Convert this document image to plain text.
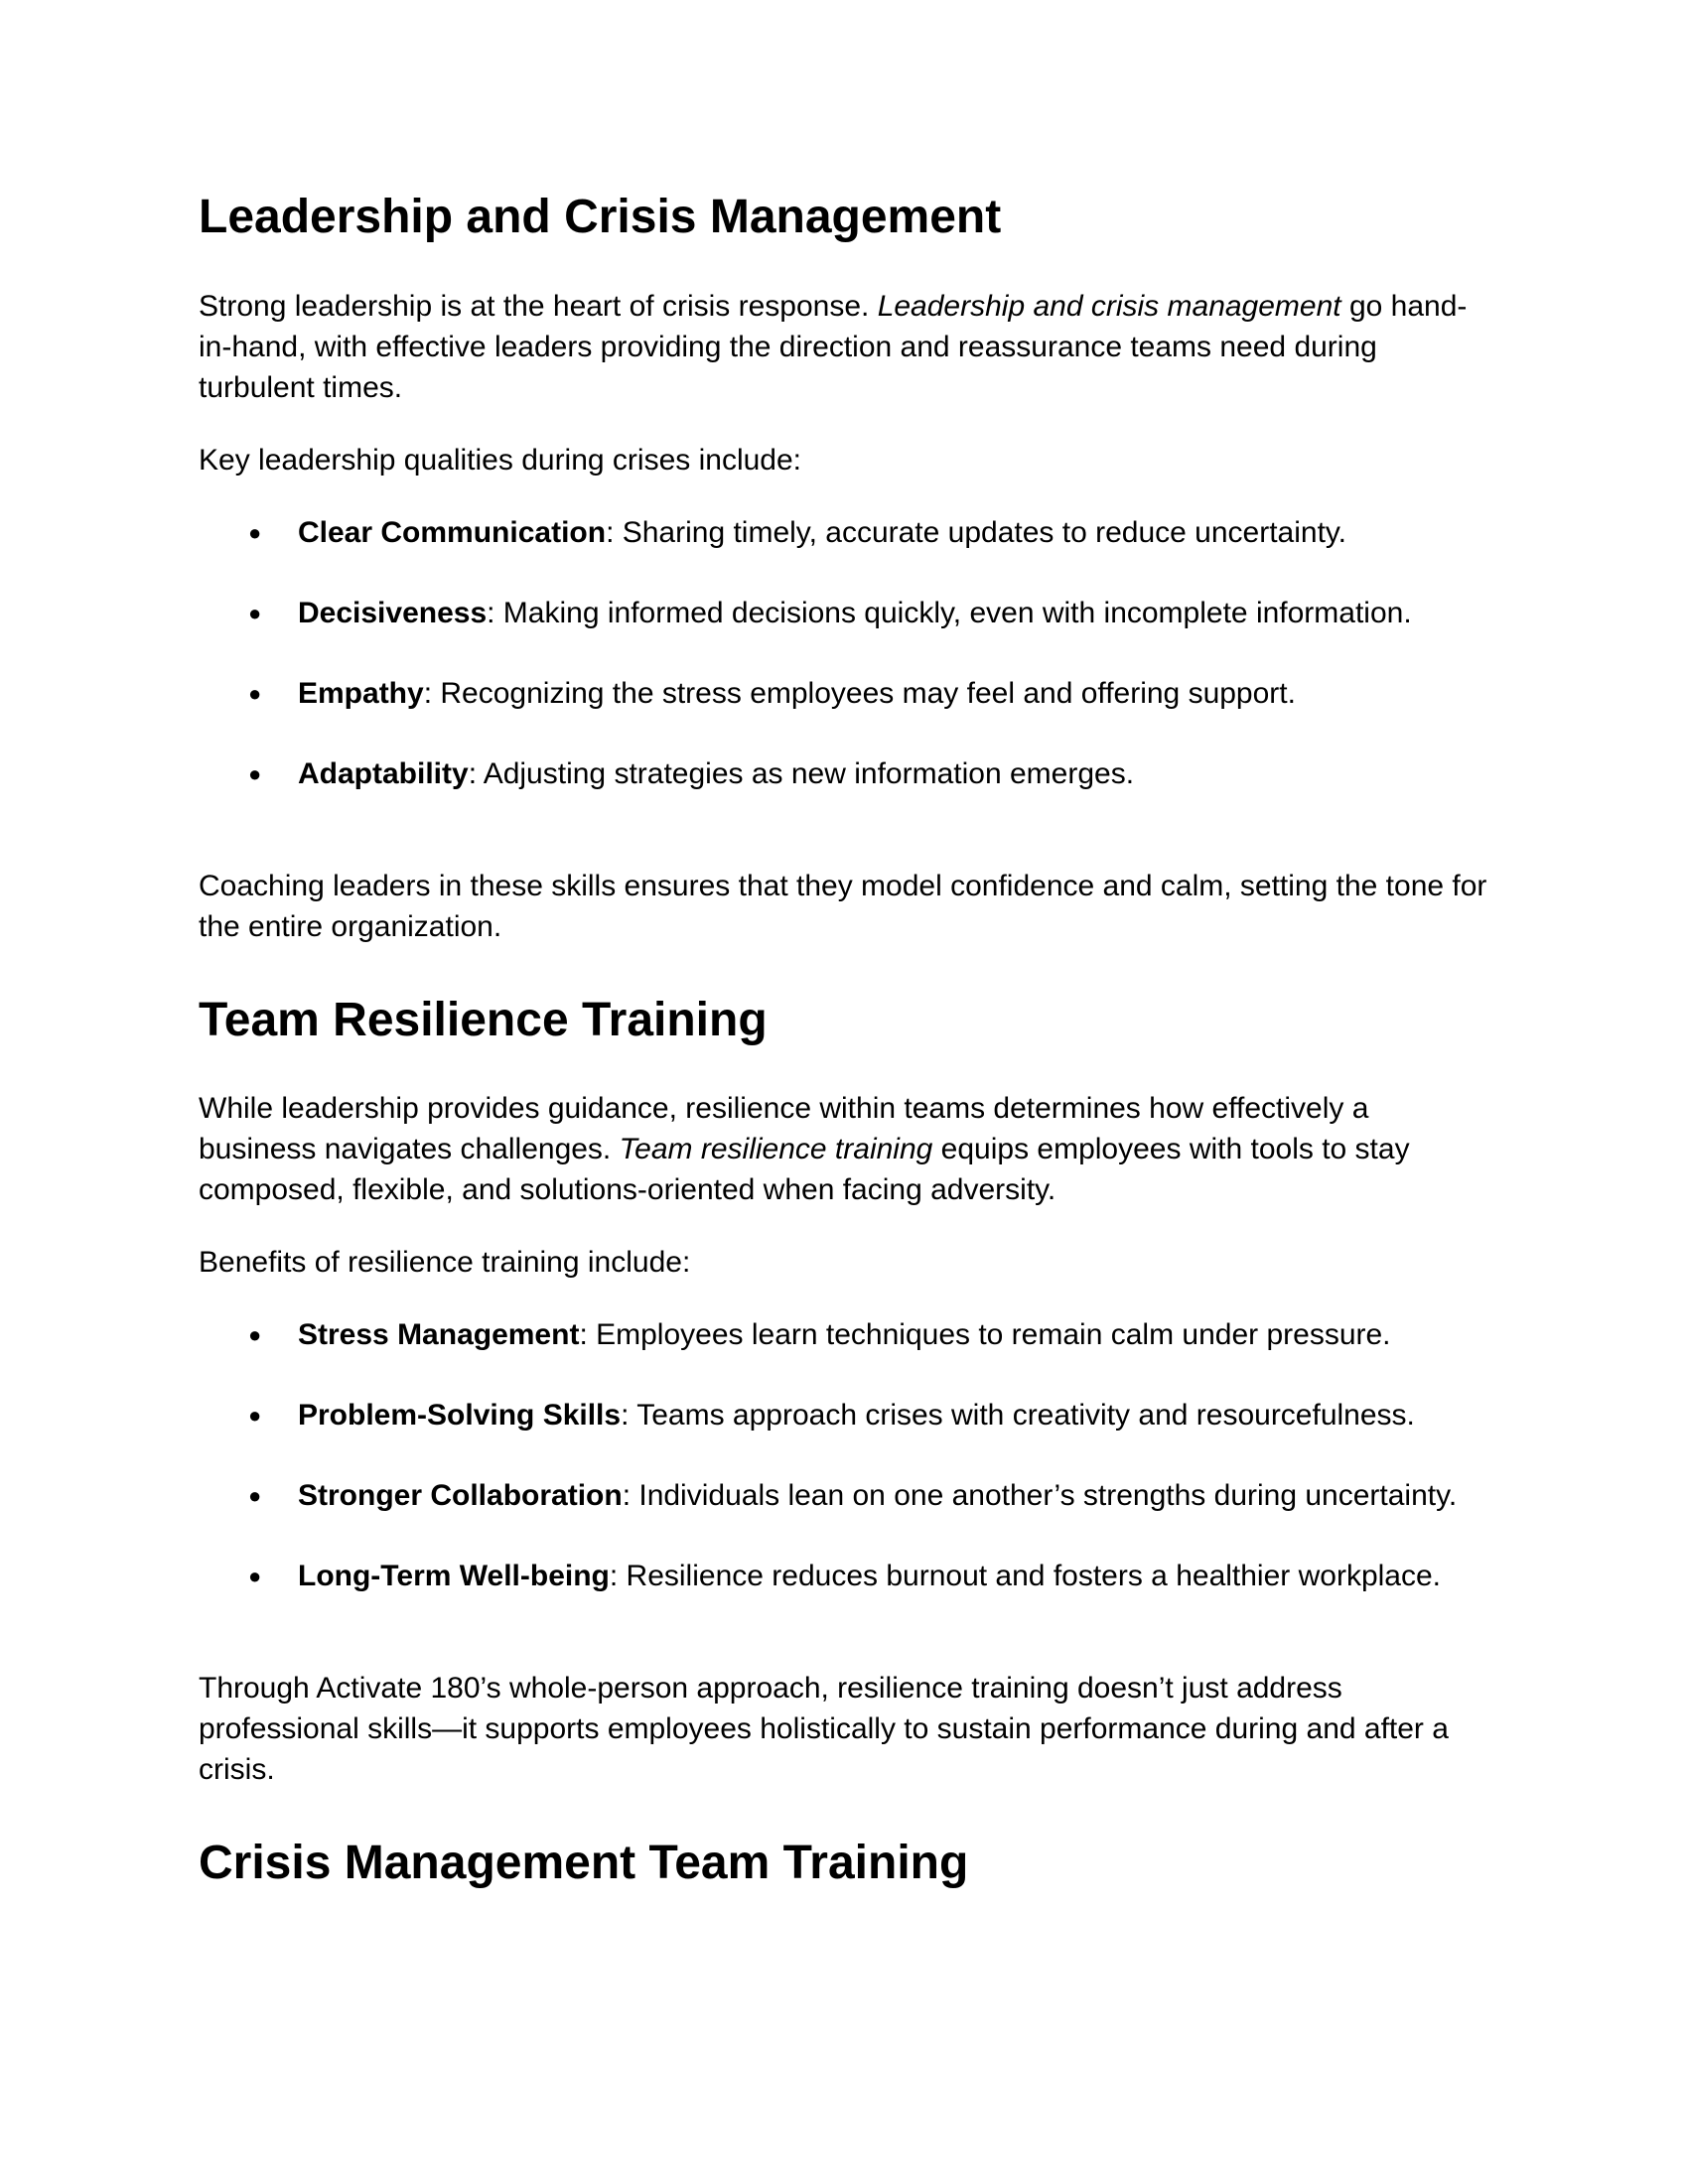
Leadership and Crisis Management

Strong leadership is at the heart of crisis response. Leadership and crisis management go hand-in-hand, with effective leaders providing the direction and reassurance teams need during turbulent times.

Key leadership qualities during crises include:

● Clear Communication: Sharing timely, accurate updates to reduce uncertainty.
● Decisiveness: Making informed decisions quickly, even with incomplete information.
● Empathy: Recognizing the stress employees may feel and offering support.
● Adaptability: Adjusting strategies as new information emerges.

Coaching leaders in these skills ensures that they model confidence and calm, setting the tone for the entire organization.

Team Resilience Training

While leadership provides guidance, resilience within teams determines how effectively a business navigates challenges. Team resilience training equips employees with tools to stay composed, flexible, and solutions-oriented when facing adversity.

Benefits of resilience training include:

● Stress Management: Employees learn techniques to remain calm under pressure.
● Problem-Solving Skills: Teams approach crises with creativity and resourcefulness.
● Stronger Collaboration: Individuals lean on one another’s strengths during uncertainty.
● Long-Term Well-being: Resilience reduces burnout and fosters a healthier workplace.

Through Activate 180’s whole-person approach, resilience training doesn’t just address professional skills—it supports employees holistically to sustain performance during and after a crisis.

Crisis Management Team Training
